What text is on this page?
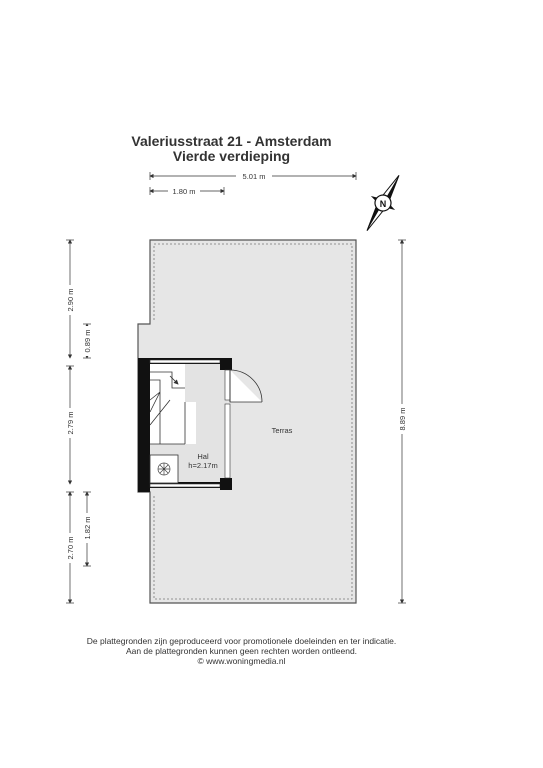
Valeriusstraat 21 - Amsterdam
Vierde verdieping
Terras
Hal
h=2.17m
5.01 m
1.80 m
2.90 m
2.79 m
2.70 m
0.89 m
1.82 m
8.89 m
N
De plattegronden zijn geproduceerd voor promotionele doeleinden en ter indicatie.
Aan de plattegronden kunnen geen rechten worden ontleend.
© www.woningmedia.nl
